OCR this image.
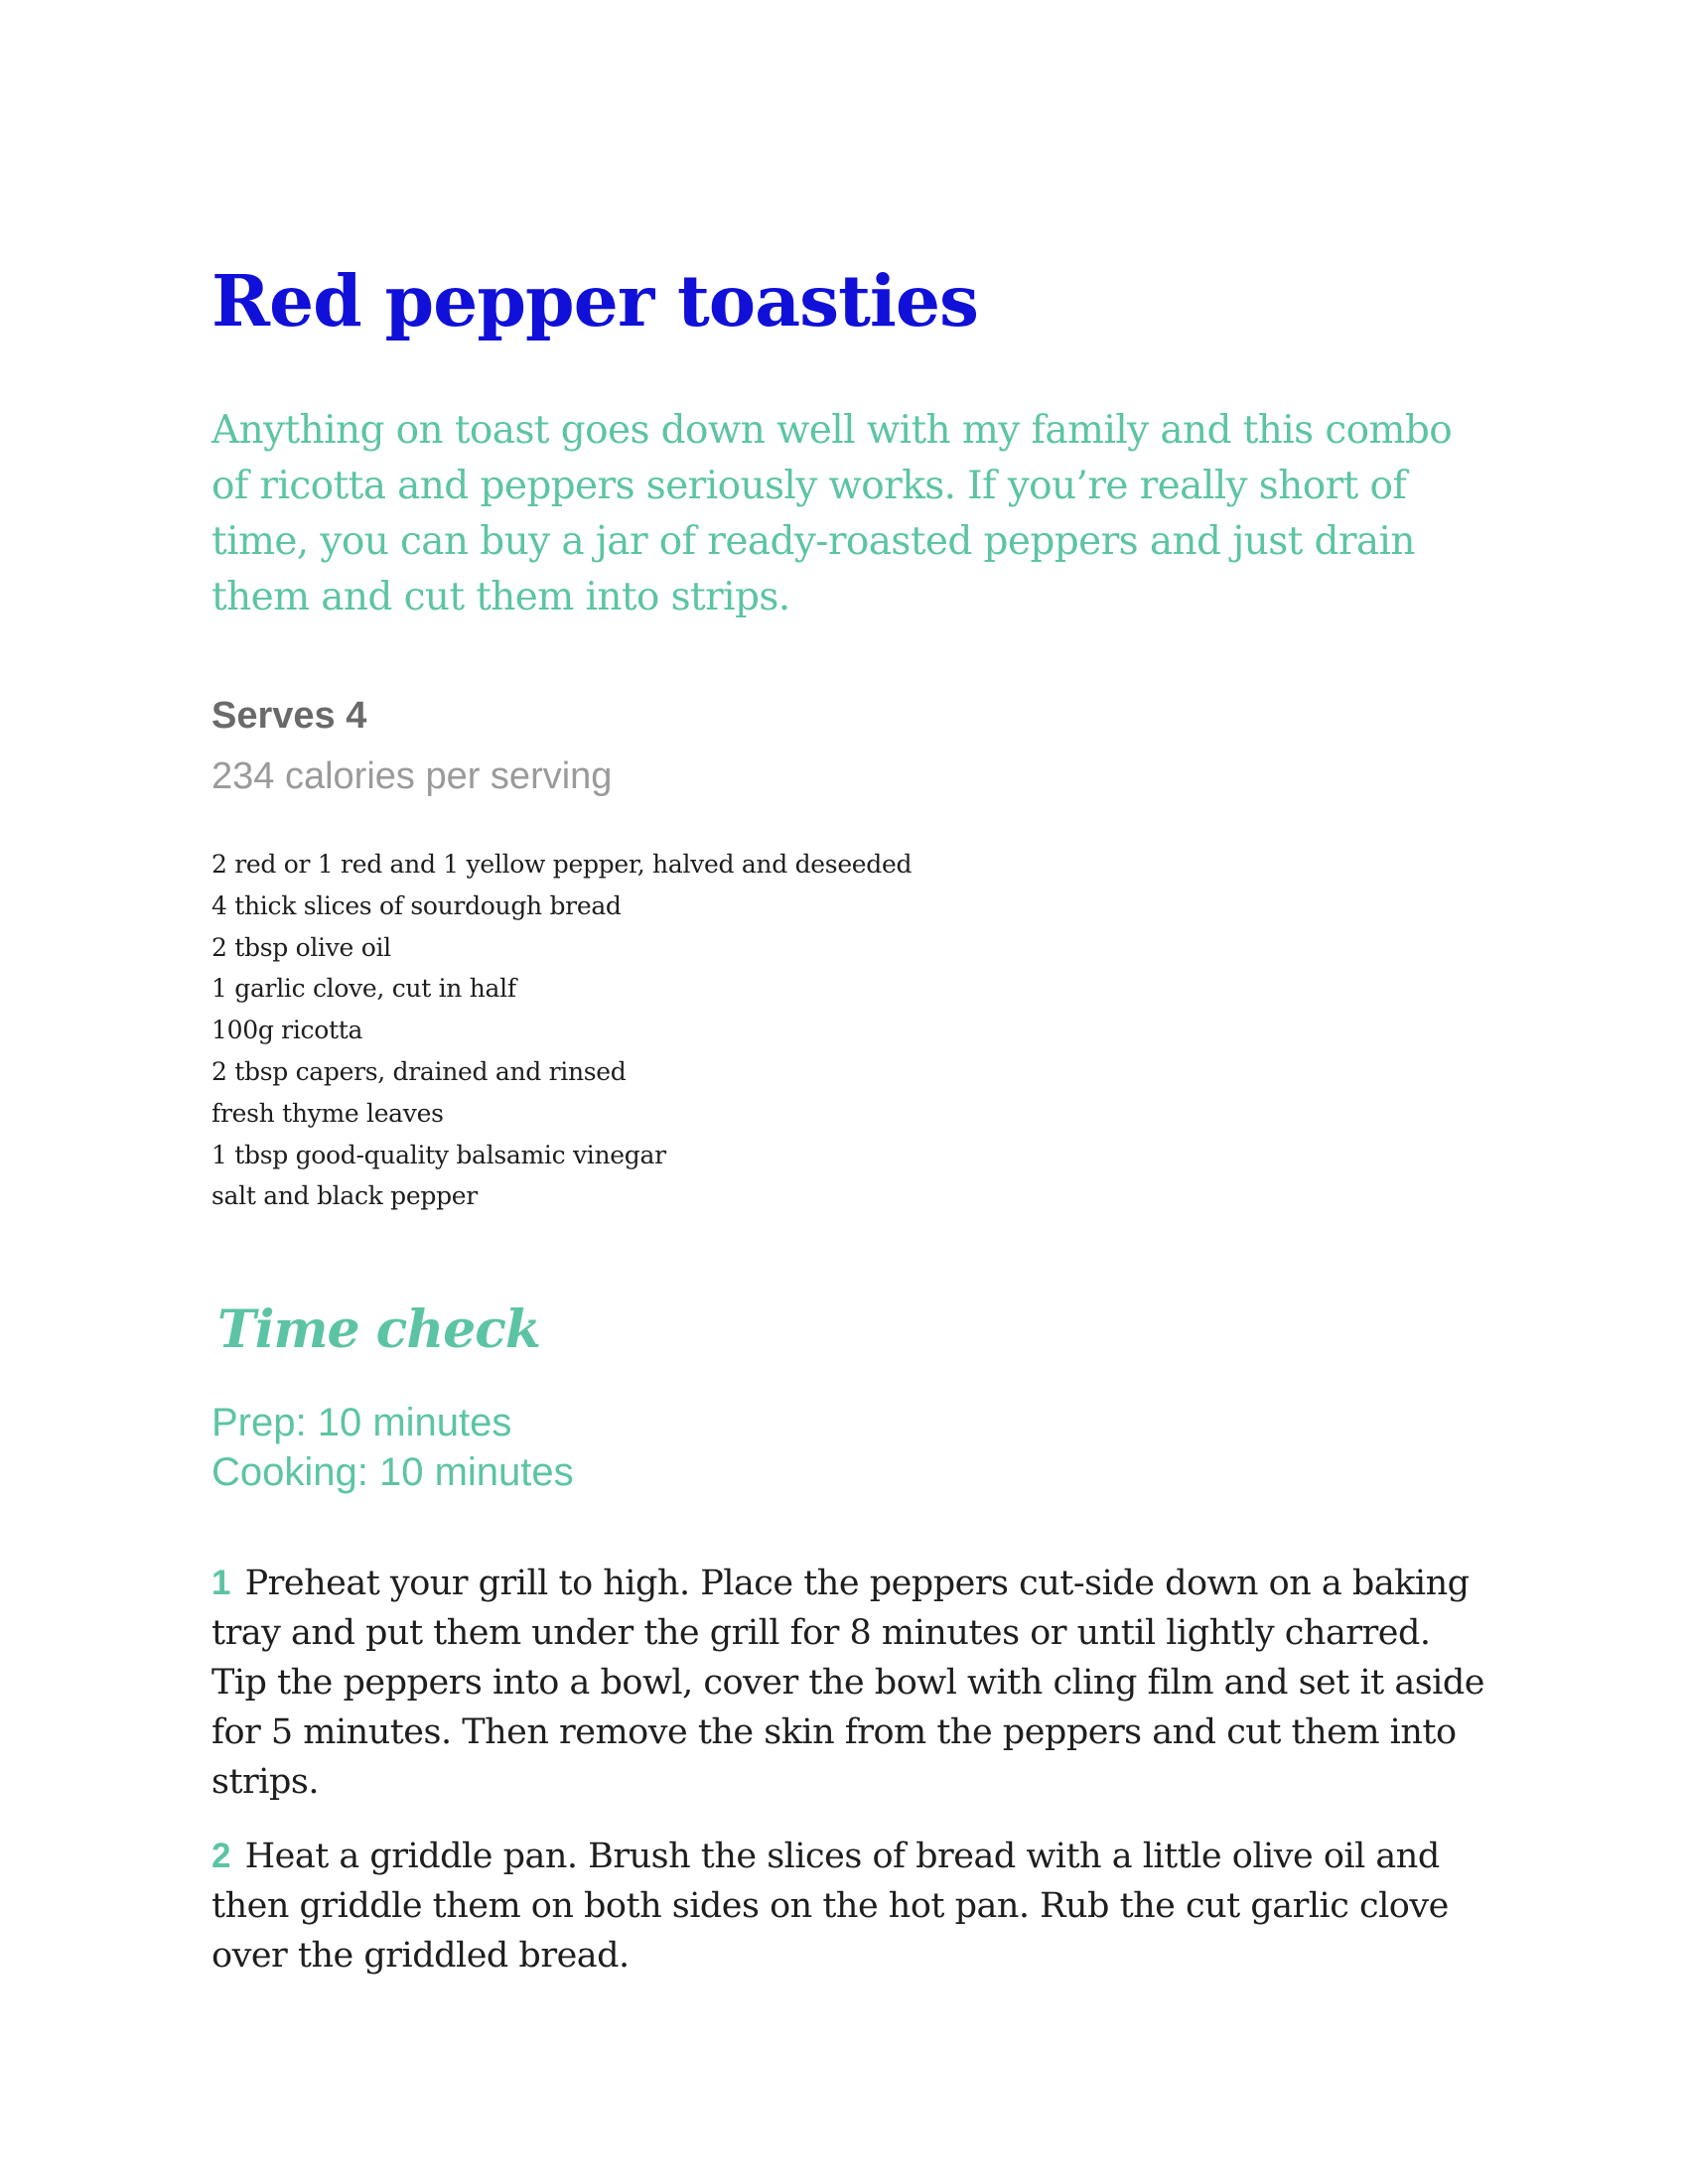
Red pepper toasties

Anything on toast goes down well with my family and this combo of ricotta and peppers seriously works. If you’re really short of time, you can buy a jar of ready-roasted peppers and just drain them and cut them into strips.

Serves 4
234 calories per serving
2 red or 1 red and 1 yellow pepper, halved and deseeded
4 thick slices of sourdough bread
2 tbsp olive oil
1 garlic clove, cut in half
100g ricotta
2 tbsp capers, drained and rinsed
fresh thyme leaves
1 tbsp good-quality balsamic vinegar
salt and black pepper
Time check
Prep: 10 minutes
Cooking: 10 minutes
1 Preheat your grill to high. Place the peppers cut-side down on a baking tray and put them under the grill for 8 minutes or until lightly charred. Tip the peppers into a bowl, cover the bowl with cling film and set it aside for 5 minutes. Then remove the skin from the peppers and cut them into strips.
2 Heat a griddle pan. Brush the slices of bread with a little olive oil and then griddle them on both sides on the hot pan. Rub the cut garlic clove over the griddled bread.
